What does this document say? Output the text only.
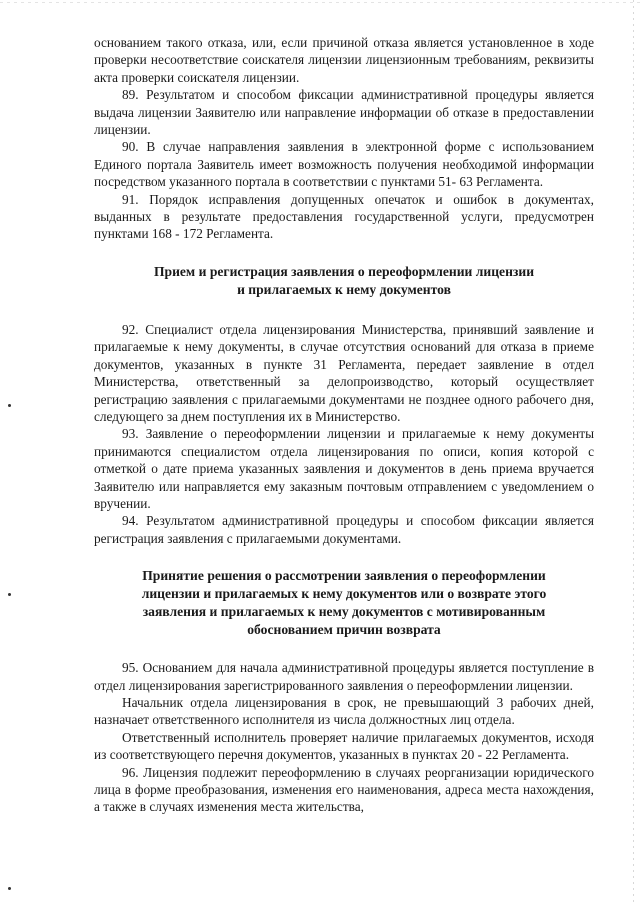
основанием такого отказа, или, если причиной отказа является установленное в ходе проверки несоответствие соискателя лицензии лицензионным требованиям, реквизиты акта проверки соискателя лицензии.

89. Результатом и способом фиксации административной процедуры является выдача лицензии Заявителю или направление информации об отказе в предоставлении лицензии.

90. В случае направления заявления в электронной форме с использованием Единого портала Заявитель имеет возможность получения необходимой информации посредством указанного портала в соответствии с пунктами 51- 63 Регламента.

91. Порядок исправления допущенных опечаток и ошибок в документах, выданных в результате предоставления государственной услуги, предусмотрен пунктами 168 - 172 Регламента.

Прием и регистрация заявления о переоформлении лицензии
и прилагаемых к нему документов

92. Специалист отдела лицензирования Министерства, принявший заявление и прилагаемые к нему документы, в случае отсутствия оснований для отказа в приеме документов, указанных в пункте 31 Регламента, передает заявление в отдел Министерства, ответственный за делопроизводство, который осуществляет регистрацию заявления с прилагаемыми документами не позднее одного рабочего дня, следующего за днем поступления их в Министерство.

93. Заявление о переоформлении лицензии и прилагаемые к нему документы принимаются специалистом отдела лицензирования по описи, копия которой с отметкой о дате приема указанных заявления и документов в день приема вручается Заявителю или направляется ему заказным почтовым отправлением с уведомлением о вручении.

94. Результатом административной процедуры и способом фиксации является регистрация заявления с прилагаемыми документами.

Принятие решения о рассмотрении заявления о переоформлении
лицензии и прилагаемых к нему документов или о возврате этого
заявления и прилагаемых к нему документов с мотивированным
обоснованием причин возврата

95. Основанием для начала административной процедуры является поступление в отдел лицензирования зарегистрированного заявления о переоформлении лицензии.

Начальник отдела лицензирования в срок, не превышающий 3 рабочих дней, назначает ответственного исполнителя из числа должностных лиц отдела.

Ответственный исполнитель проверяет наличие прилагаемых документов, исходя из соответствующего перечня документов, указанных в пунктах 20 - 22 Регламента.

96. Лицензия подлежит переоформлению в случаях реорганизации юридического лица в форме преобразования, изменения его наименования, адреса места нахождения, а также в случаях изменения места жительства,
